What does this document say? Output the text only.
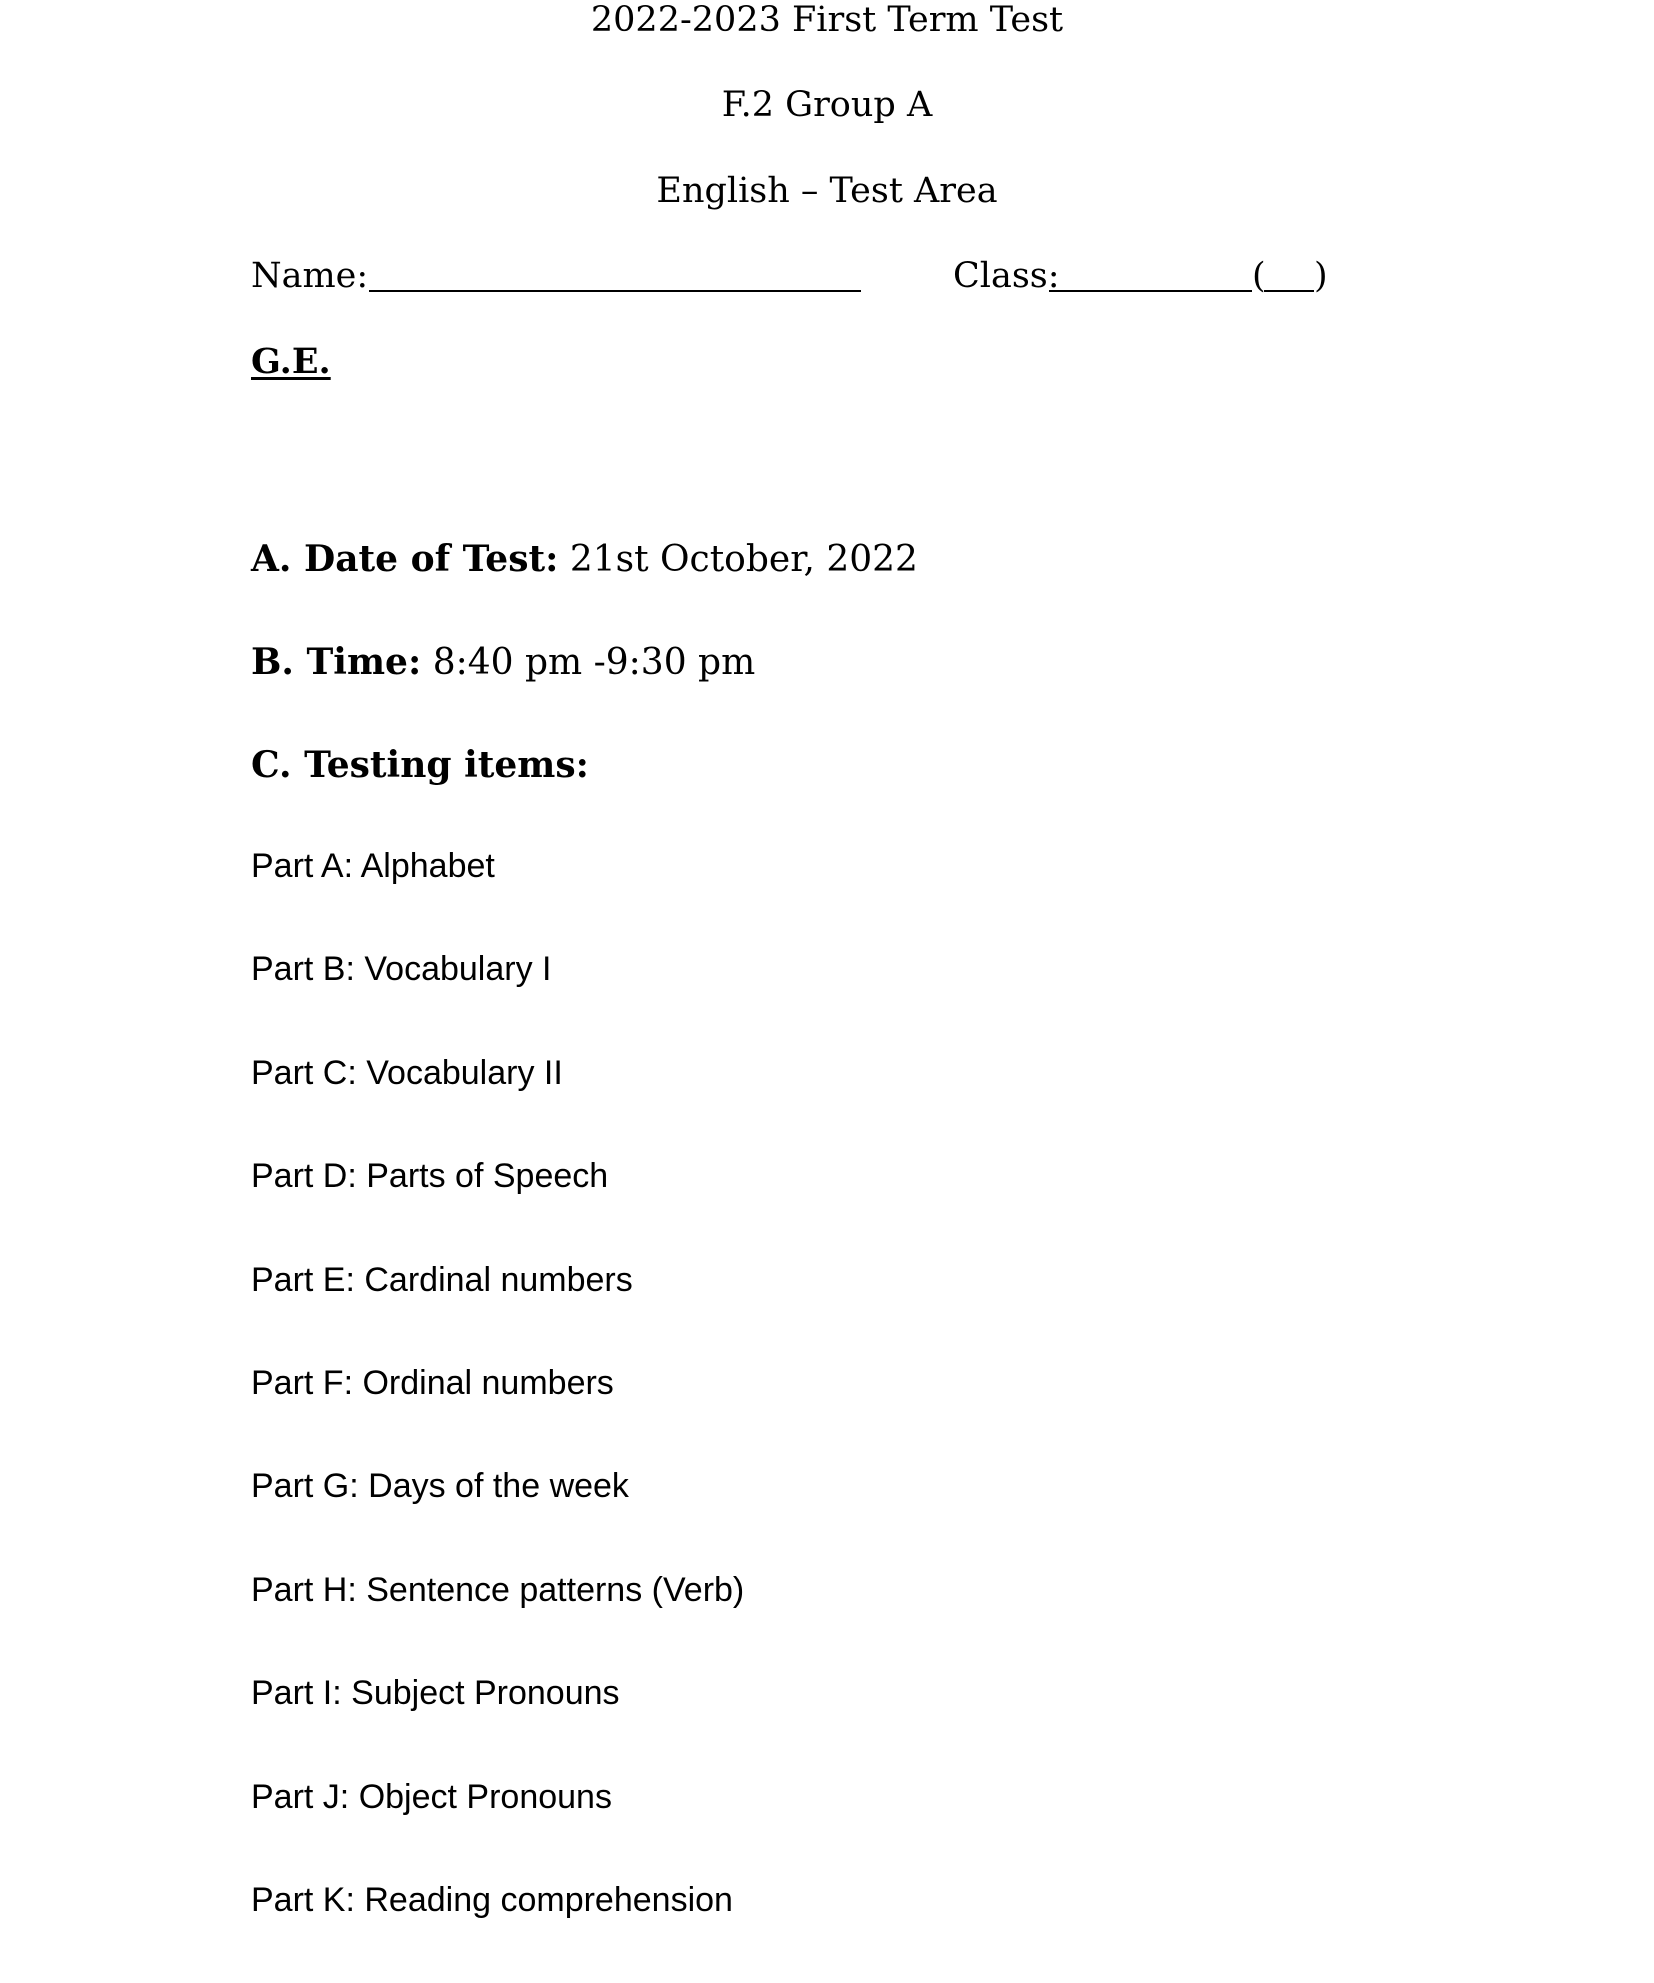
2022-2023 First Term Test
F.2 Group A
English – Test Area
Name:	Class:	( )
G.E.
A. Date of Test: 21st October, 2022
B. Time: 8:40 pm -9:30 pm
C. Testing items:
Part A: Alphabet
Part B: Vocabulary I
Part C: Vocabulary II
Part D: Parts of Speech
Part E: Cardinal numbers
Part F: Ordinal numbers
Part G: Days of the week
Part H: Sentence patterns (Verb)
Part I: Subject Pronouns
Part J: Object Pronouns
Part K: Reading comprehension
